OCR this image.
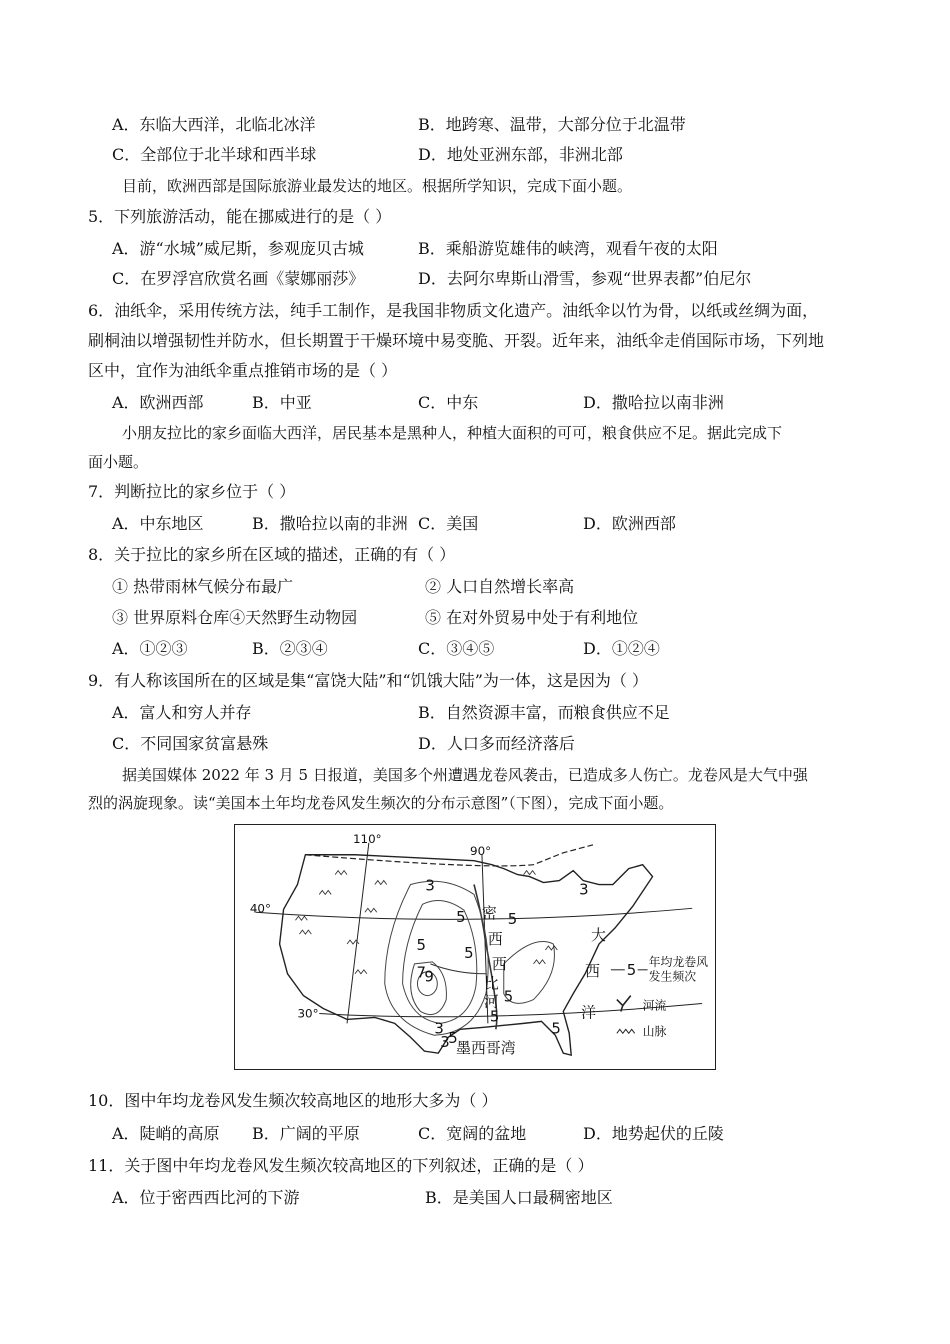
A．东临大西洋，北临北冰洋	B．地跨寒、温带，大部分位于北温带
C．全部位于北半球和西半球	D．地处亚洲东部，非洲北部
目前，欧洲西部是国际旅游业最发达的地区。根据所学知识，完成下面小题。
5．下列旅游活动，能在挪威进行的是（ ）
A．游“水城”威尼斯，参观庞贝古城	B．乘船游览雄伟的峡湾，观看午夜的太阳
C．在罗浮宫欣赏名画《蒙娜丽莎》	D．去阿尔卑斯山滑雪，参观“世界表都”伯尼尔
6．油纸伞，采用传统方法，纯手工制作，是我国非物质文化遗产。油纸伞以竹为骨，以纸或丝绸为面，
刷桐油以增强韧性并防水，但长期置于干燥环境中易变脆、开裂。近年来，油纸伞走俏国际市场，下列地
区中，宜作为油纸伞重点推销市场的是（ ）
A．欧洲西部	B．中亚	C．中东	D．撒哈拉以南非洲
小朋友拉比的家乡面临大西洋，居民基本是黑种人，种植大面积的可可，粮食供应不足。据此完成下
面小题。
7．判断拉比的家乡位于（ ）
A．中东地区	B．撒哈拉以南的非洲 C．美国	D．欧洲西部
8．关于拉比的家乡所在区域的描述，正确的有（ ）
① 热带雨林气候分布最广	② 人口自然增长率高
③ 世界原料仓库④天然野生动物园	⑤ 在对外贸易中处于有利地位
A．①②③	B．②③④	C．③④⑤	D．①②④
9．有人称该国所在的区域是集“富饶大陆”和“饥饿大陆”为一体，这是因为（ ）
A．富人和穷人并存	B．自然资源丰富，而粮食供应不足
C．不同国家贫富悬殊	D．人口多而经济落后
据美国媒体 2022 年 3 月 5 日报道，美国多个州遭遇龙卷风袭击，已造成多人伤亡。龙卷风是大气中强
烈的涡旋现象。读“美国本土年均龙卷风发生频次的分布示意图”（下图），完成下面小题。
110°
90°
40°
30°
密
西
西
比
河
大
西
洋
墨西哥湾
3
5	5
5	5
7
9
5
5
5
3
3
5
3
5 年均龙卷风
发生频次
河流
山脉
10．图中年均龙卷风发生频次较高地区的地形大多为（ ）
A．陡峭的高原 B．广阔的平原	C．宽阔的盆地	D．地势起伏的丘陵
11．关于图中年均龙卷风发生频次较高地区的下列叙述，正确的是（ ）
A．位于密西西比河的下游	B．是美国人口最稠密地区
